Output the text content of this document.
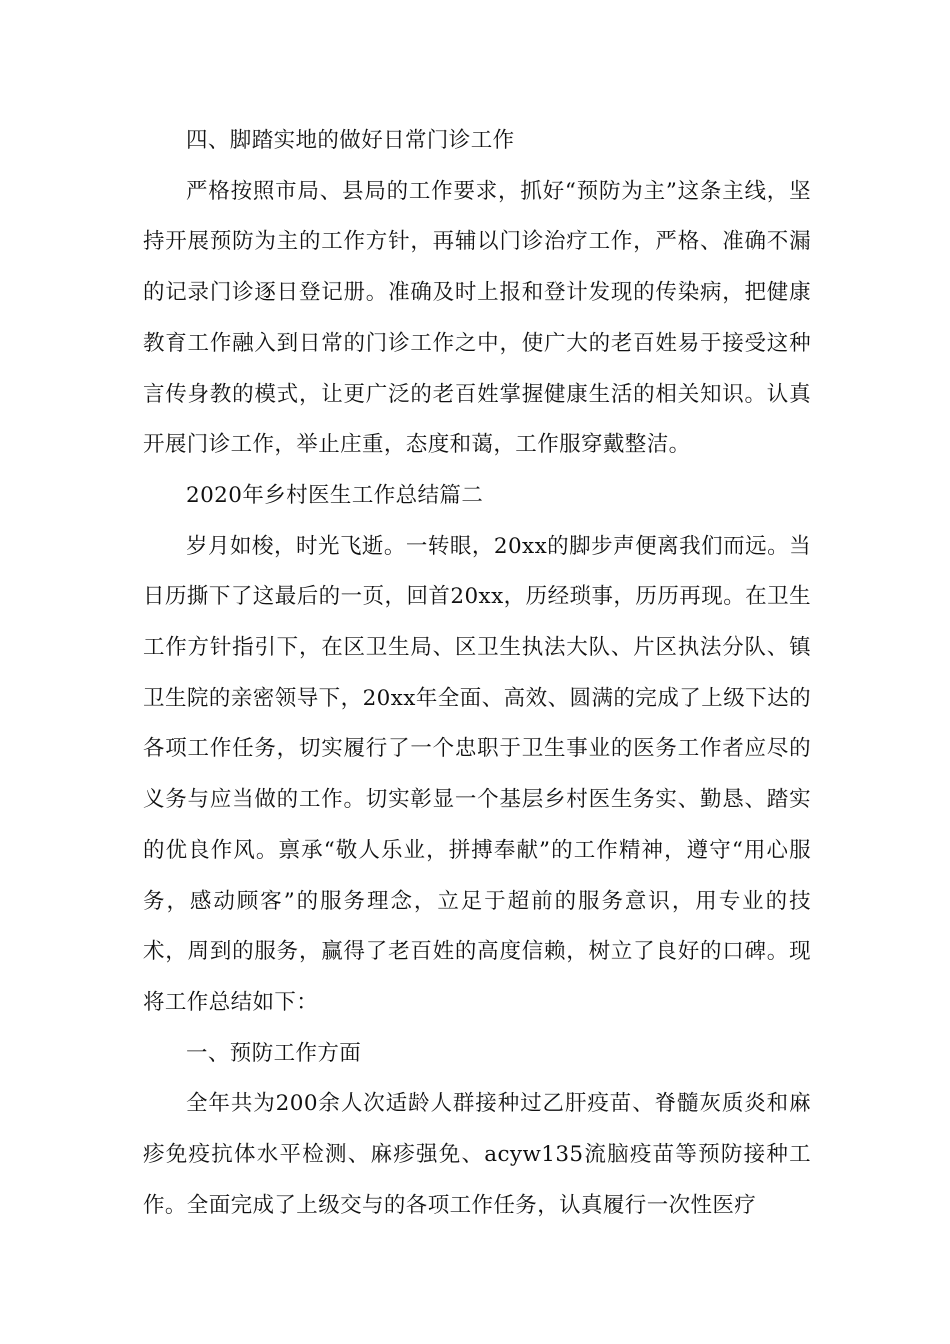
四、脚踏实地的做好日常门诊工作

严格按照市局、县局的工作要求，抓好“预防为主”这条主线，坚持开展预防为主的工作方针，再辅以门诊治疗工作，严格、准确不漏的记录门诊逐日登记册。准确及时上报和登计发现的传染病，把健康教育工作融入到日常的门诊工作之中，使广大的老百姓易于接受这种言传身教的模式，让更广泛的老百姓掌握健康生活的相关知识。认真开展门诊工作，举止庄重，态度和蔼，工作服穿戴整洁。

2020年乡村医生工作总结篇二

岁月如梭，时光飞逝。一转眼，20xx的脚步声便离我们而远。当日历撕下了这最后的一页，回首20xx，历经琐事，历历再现。在卫生工作方针指引下，在区卫生局、区卫生执法大队、片区执法分队、镇卫生院的亲密领导下，20xx年全面、高效、圆满的完成了上级下达的各项工作任务，切实履行了一个忠职于卫生事业的医务工作者应尽的义务与应当做的工作。切实彰显一个基层乡村医生务实、勤恳、踏实的优良作风。禀承“敬人乐业，拼搏奉献”的工作精神，遵守“用心服务，感动顾客”的服务理念，立足于超前的服务意识，用专业的技术，周到的服务，赢得了老百姓的高度信赖，树立了良好的口碑。现将工作总结如下：

一、预防工作方面

全年共为200余人次适龄人群接种过乙肝疫苗、脊髓灰质炎和麻疹免疫抗体水平检测、麻疹强免、acyw135流脑疫苗等预防接种工作。全面完成了上级交与的各项工作任务，认真履行一次性医疗
